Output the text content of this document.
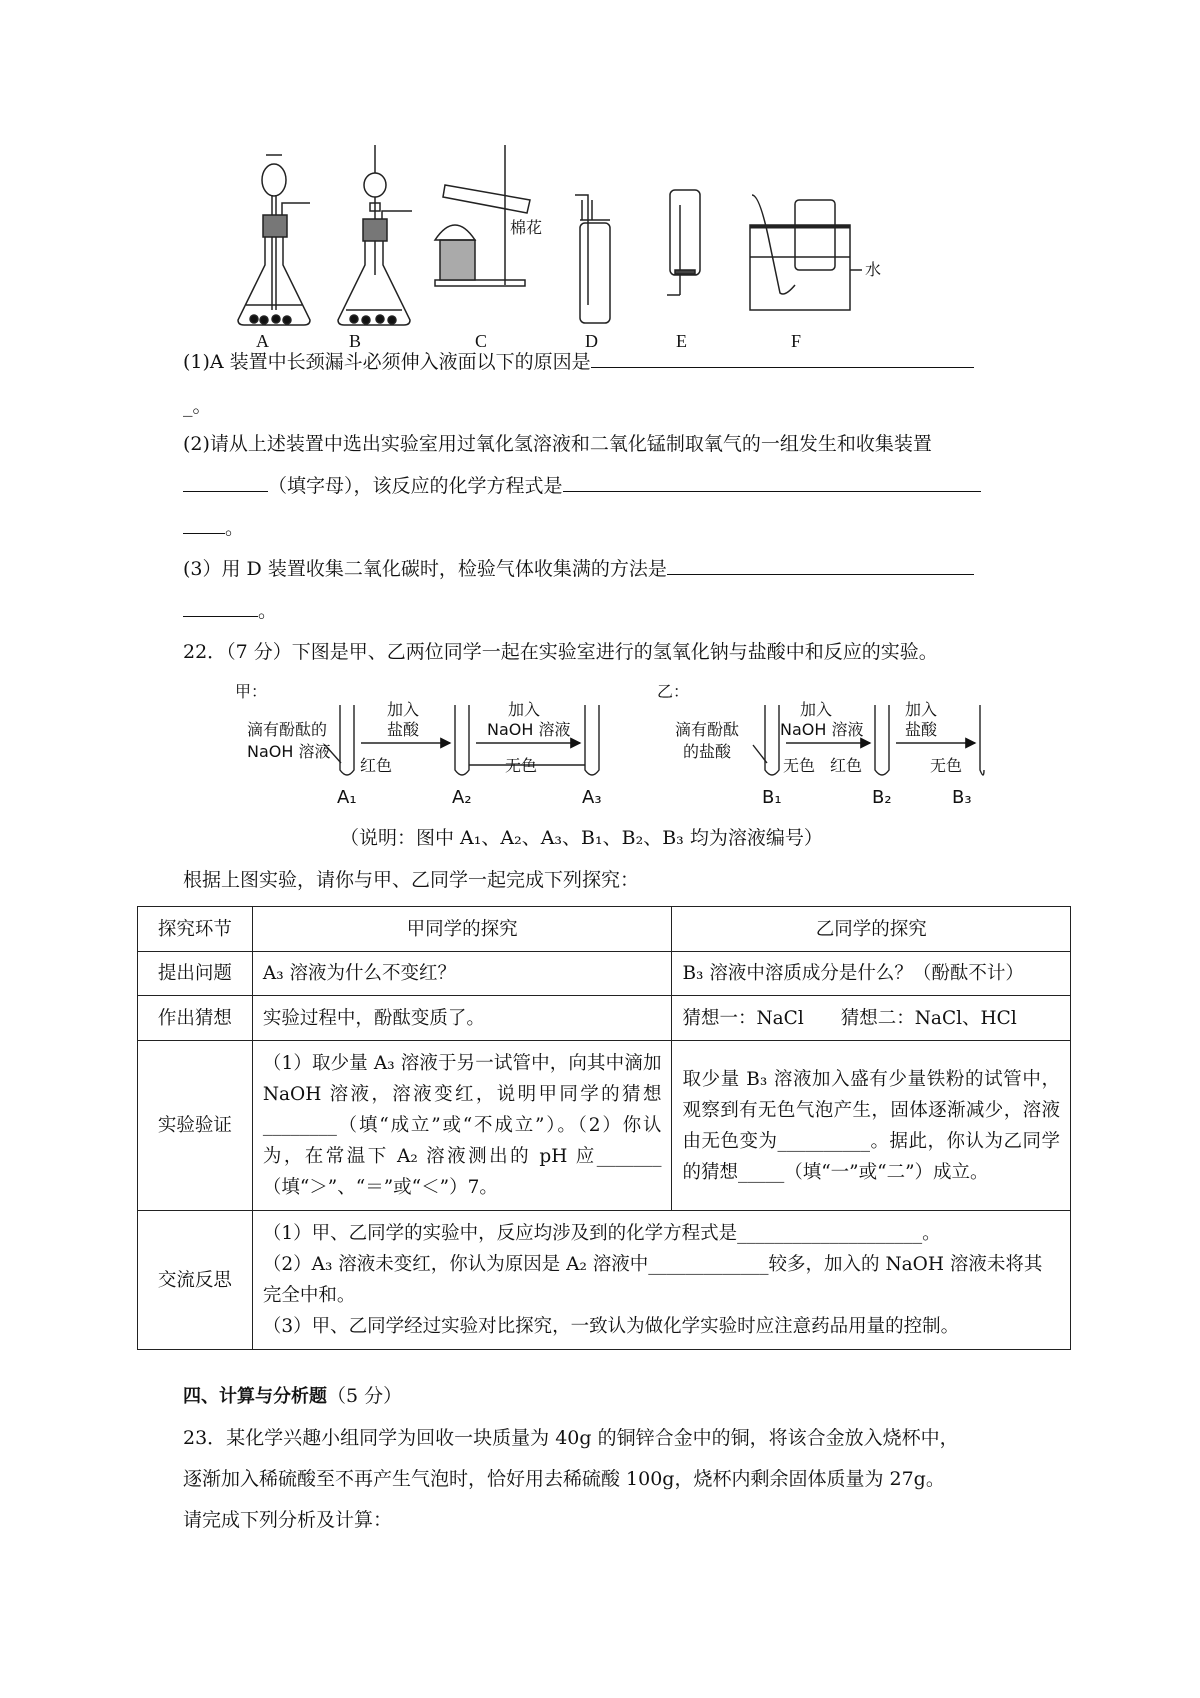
A	B
棉花
C	D	E
水
F
(1)A 装置中长颈漏斗必须伸入液面以下的原因是
_。
(2)请从上述装置中选出实验室用过氧化氢溶液和二氧化锰制取氧气的一组发生和收集装置
（填字母），该反应的化学方程式是
。
(3）用 D 装置收集二氧化碳时，检验气体收集满的方法是
。
22．（7 分）下图是甲、乙两位同学一起在实验室进行的氢氧化钠与盐酸中和反应的实验。
甲：	乙：
滴有酚酞的
NaOH 溶液
加入
盐酸
加入
NaOH 溶液
红色	无色
滴有酚酞
的盐酸
加入
NaOH 溶液
加入
盐酸
无色 红色	无色
A₁	A₂	A₃	B₁	B₂	B₃
（说明：图中 A₁、A₂、A₃、B₁、B₂、B₃ 均为溶液编号）
根据上图实验，请你与甲、乙同学一起完成下列探究：
探究环节	甲同学的探究	乙同学的探究
提出问题	A₃ 溶液为什么不变红？	B₃ 溶液中溶质成分是什么？（酚酞不计）
作出猜想	实验过程中，酚酞变质了。	猜想一：NaCl　　猜想二：NaCl、HCl
实验验证	（1）取少量 A₃ 溶液于另一试管中，向其中滴加 NaOH 溶液，溶液变红，说明甲同学的猜想________（填“成立”或“不成立”）。（2）你认为，在常温下 A₂ 溶液测出的 pH 应_______（填“＞”、“＝”或“＜”）7。	取少量 B₃ 溶液加入盛有少量铁粉的试管中，观察到有无色气泡产生，固体逐渐减少，溶液由无色变为__________。据此，你认为乙同学的猜想_____（填“一”或“二”）成立。
交流反思	（1）甲、乙同学的实验中，反应均涉及到的化学方程式是____________________。
（2）A₃ 溶液未变红，你认为原因是 A₂ 溶液中_____________较多，加入的 NaOH 溶液未将其完全中和。
（3）甲、乙同学经过实验对比探究，一致认为做化学实验时应注意药品用量的控制。	
四、计算与分析题（5 分）
23．某化学兴趣小组同学为回收一块质量为 40g 的铜锌合金中的铜，将该合金放入烧杯中，
逐渐加入稀硫酸至不再产生气泡时，恰好用去稀硫酸 100g，烧杯内剩余固体质量为 27g。
请完成下列分析及计算：
